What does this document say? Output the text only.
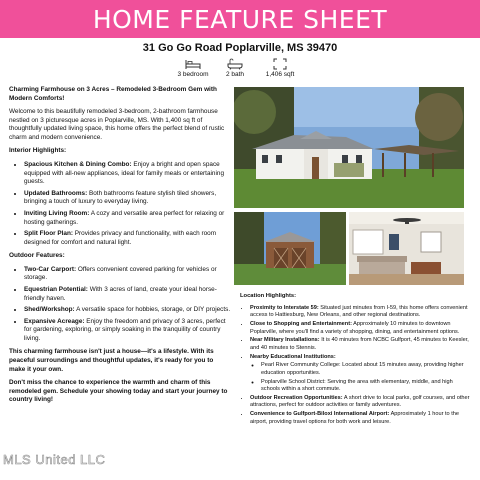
HOME FEATURE SHEET
31 Go Go Road Poplarville, MS 39470
3 bedroom	2 bath	1,406 sqft

Charming Farmhouse on 3 Acres – Remodeled 3-Bedroom Gem with Modern Comforts!

Welcome to this beautifully remodeled 3-bedroom, 2-bathroom farmhouse nestled on 3 picturesque acres in Poplarville, MS. With 1,400 sq ft of thoughtfully updated living space, this home offers the perfect blend of rustic charm and modern convenience.

Interior Highlights:
• Spacious Kitchen & Dining Combo: Enjoy a bright and open space equipped with all-new appliances, ideal for family meals or entertaining guests.
• Updated Bathrooms: Both bathrooms feature stylish tiled showers, bringing a touch of luxury to everyday living.
• Inviting Living Room: A cozy and versatile area perfect for relaxing or hosting gatherings.
• Split Floor Plan: Provides privacy and functionality, with each room designed for comfort and natural light.
Outdoor Features:
• Two-Car Carport: Offers convenient covered parking for vehicles or storage.
• Equestrian Potential: With 3 acres of land, create your ideal horse-friendly haven.
• Shed/Workshop: A versatile space for hobbies, storage, or DIY projects.
• Expansive Acreage: Enjoy the freedom and privacy of 3 acres, perfect for gardening, exploring, or simply soaking in the tranquility of country living.

This charming farmhouse isn't just a house—it's a lifestyle. With its peaceful surroundings and thoughtful updates, it's ready for you to make it your own.

Don't miss the chance to experience the warmth and charm of this remodeled gem. Schedule your showing today and start your journey to country living!

Location Highlights:
• Proximity to Interstate 59: Situated just minutes from I-59, this home offers convenient access to Hattiesburg, New Orleans, and other regional destinations.
• Close to Shopping and Entertainment: Approximately 10 minutes to downtown Poplarville, where you'll find a variety of shopping, dining, and entertainment options.
• Near Military Installations: It is 40 minutes from NCBC Gulfport, 45 minutes to Keesler, and 40 minutes to Stennis.
• Nearby Educational Institutions:
◦ Pearl River Community College: Located about 15 minutes away, providing higher education opportunities.
◦ Poplarville School District: Serving the area with elementary, middle, and high schools within a short commute.
• Outdoor Recreation Opportunities: A short drive to local parks, golf courses, and other attractions, perfect for outdoor activities or family adventures.
• Convenience to Gulfport-Biloxi International Airport: Approximately 1 hour to the airport, providing travel options for both work and leisure.
MLS United LLC
